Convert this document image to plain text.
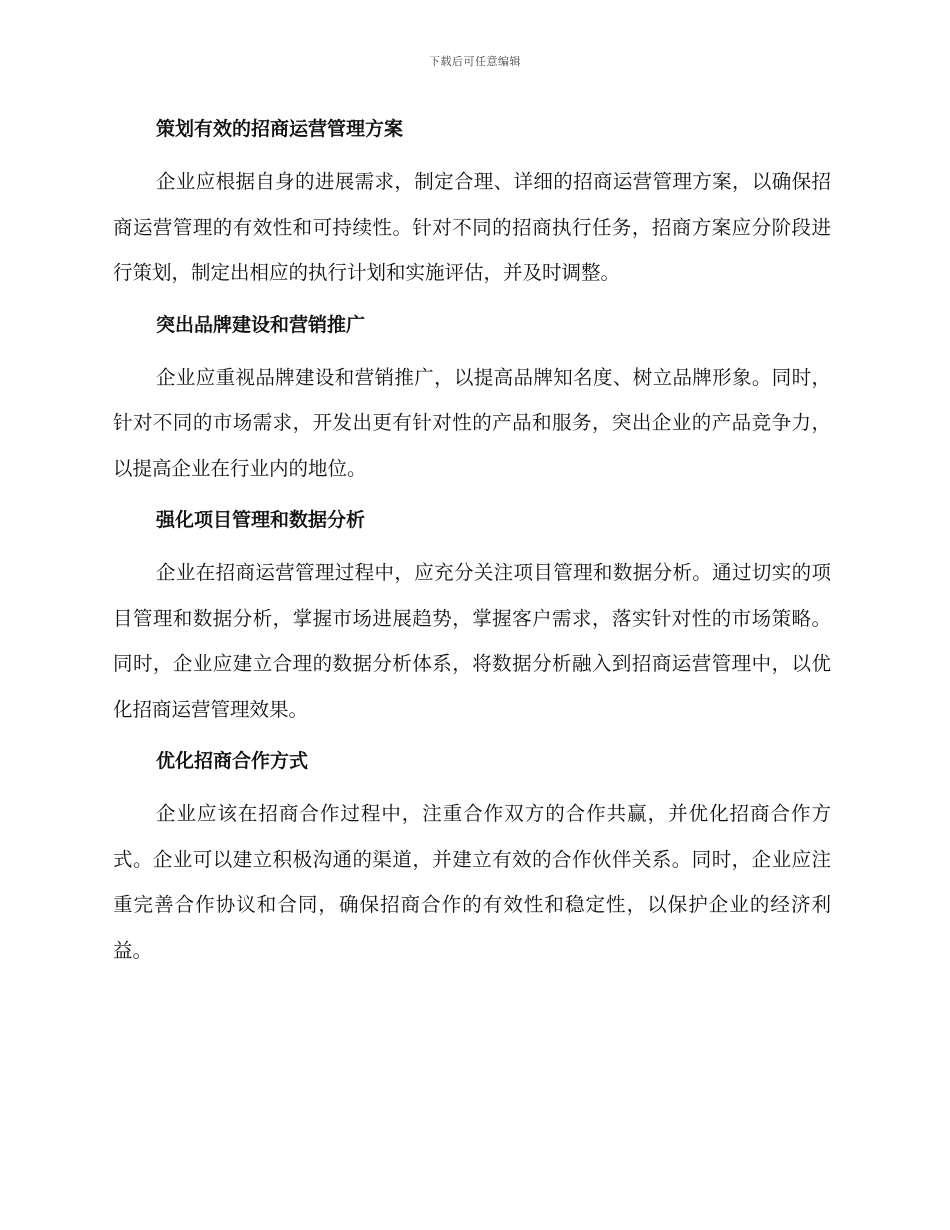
下载后可任意编辑
策划有效的招商运营管理方案

企业应根据自身的进展需求，制定合理、详细的招商运营管理方案，以确保招商运营管理的有效性和可持续性。针对不同的招商执行任务，招商方案应分阶段进行策划，制定出相应的执行计划和实施评估，并及时调整。

突出品牌建设和营销推广

企业应重视品牌建设和营销推广，以提高品牌知名度、树立品牌形象。同时，针对不同的市场需求，开发出更有针对性的产品和服务，突出企业的产品竞争力，以提高企业在行业内的地位。

强化项目管理和数据分析

企业在招商运营管理过程中，应充分关注项目管理和数据分析。通过切实的项目管理和数据分析，掌握市场进展趋势，掌握客户需求，落实针对性的市场策略。同时，企业应建立合理的数据分析体系，将数据分析融入到招商运营管理中，以优化招商运营管理效果。

优化招商合作方式

企业应该在招商合作过程中，注重合作双方的合作共赢，并优化招商合作方式。企业可以建立积极沟通的渠道，并建立有效的合作伙伴关系。同时，企业应注重完善合作协议和合同，确保招商合作的有效性和稳定性，以保护企业的经济利益。
